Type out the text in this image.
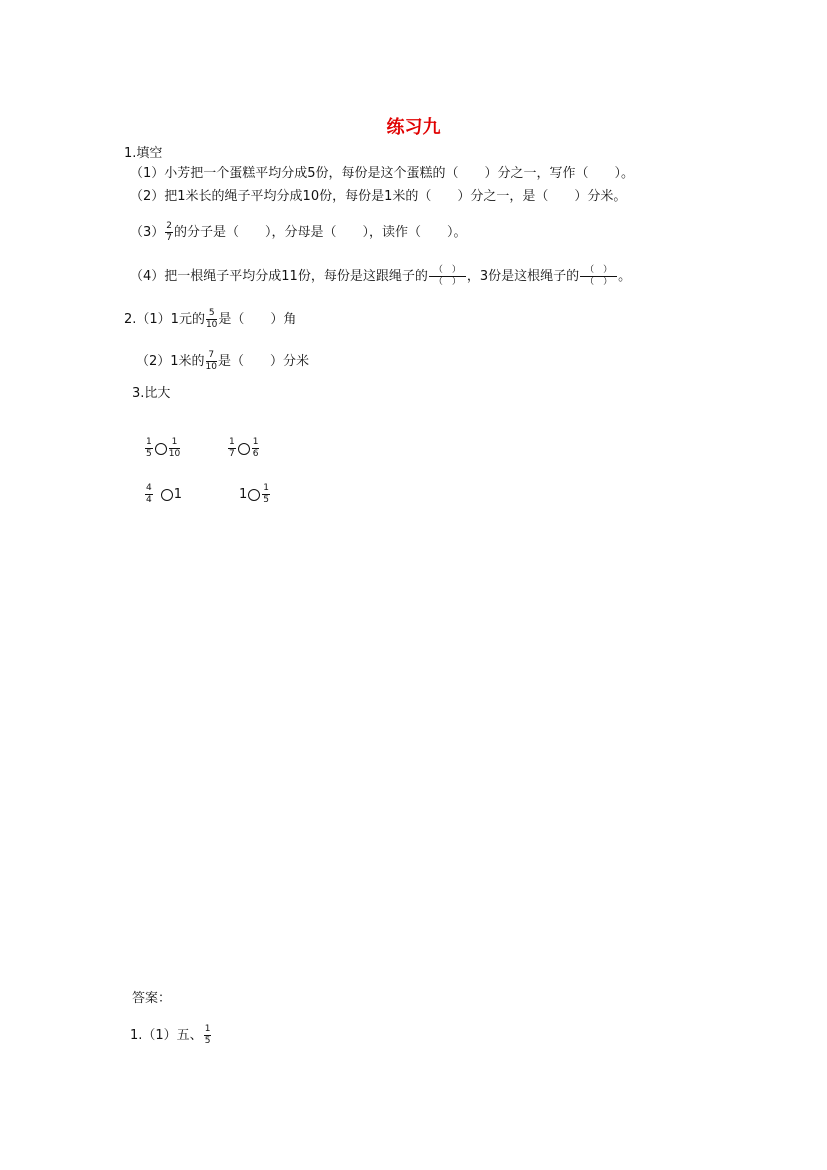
练习九
1.填空
（1）小芳把一个蛋糕平均分成5份，每份是这个蛋糕的（　　）分之一，写作（　　）。
（2）把1米长的绳子平均分成10份，每份是1米的（　　）分之一，是（　　）分米。
$(3) \frac{2}{7}$ 的分子是（　　），分母是（　　），读作（　　）。
（4）把一根绳子平均分成11份，每份是这跟绳子的 $\frac{( )}{( )}$ ，3份是这根绳子的 $\frac{( )}{( )}$ 。
2.（1）1元的 $\frac{5}{10}$ 是（　　）角
（2）1米的 $\frac{7}{10}$ 是（　　）分米
3.比大
$\frac{1}{5} \frac{1}{10}$	$\frac{1}{7} \frac{1}{6}$
$\frac{4}{4} 1$	$1 \frac{1}{5}$
答案：
1.（1）五、 $\frac{1}{5}$
